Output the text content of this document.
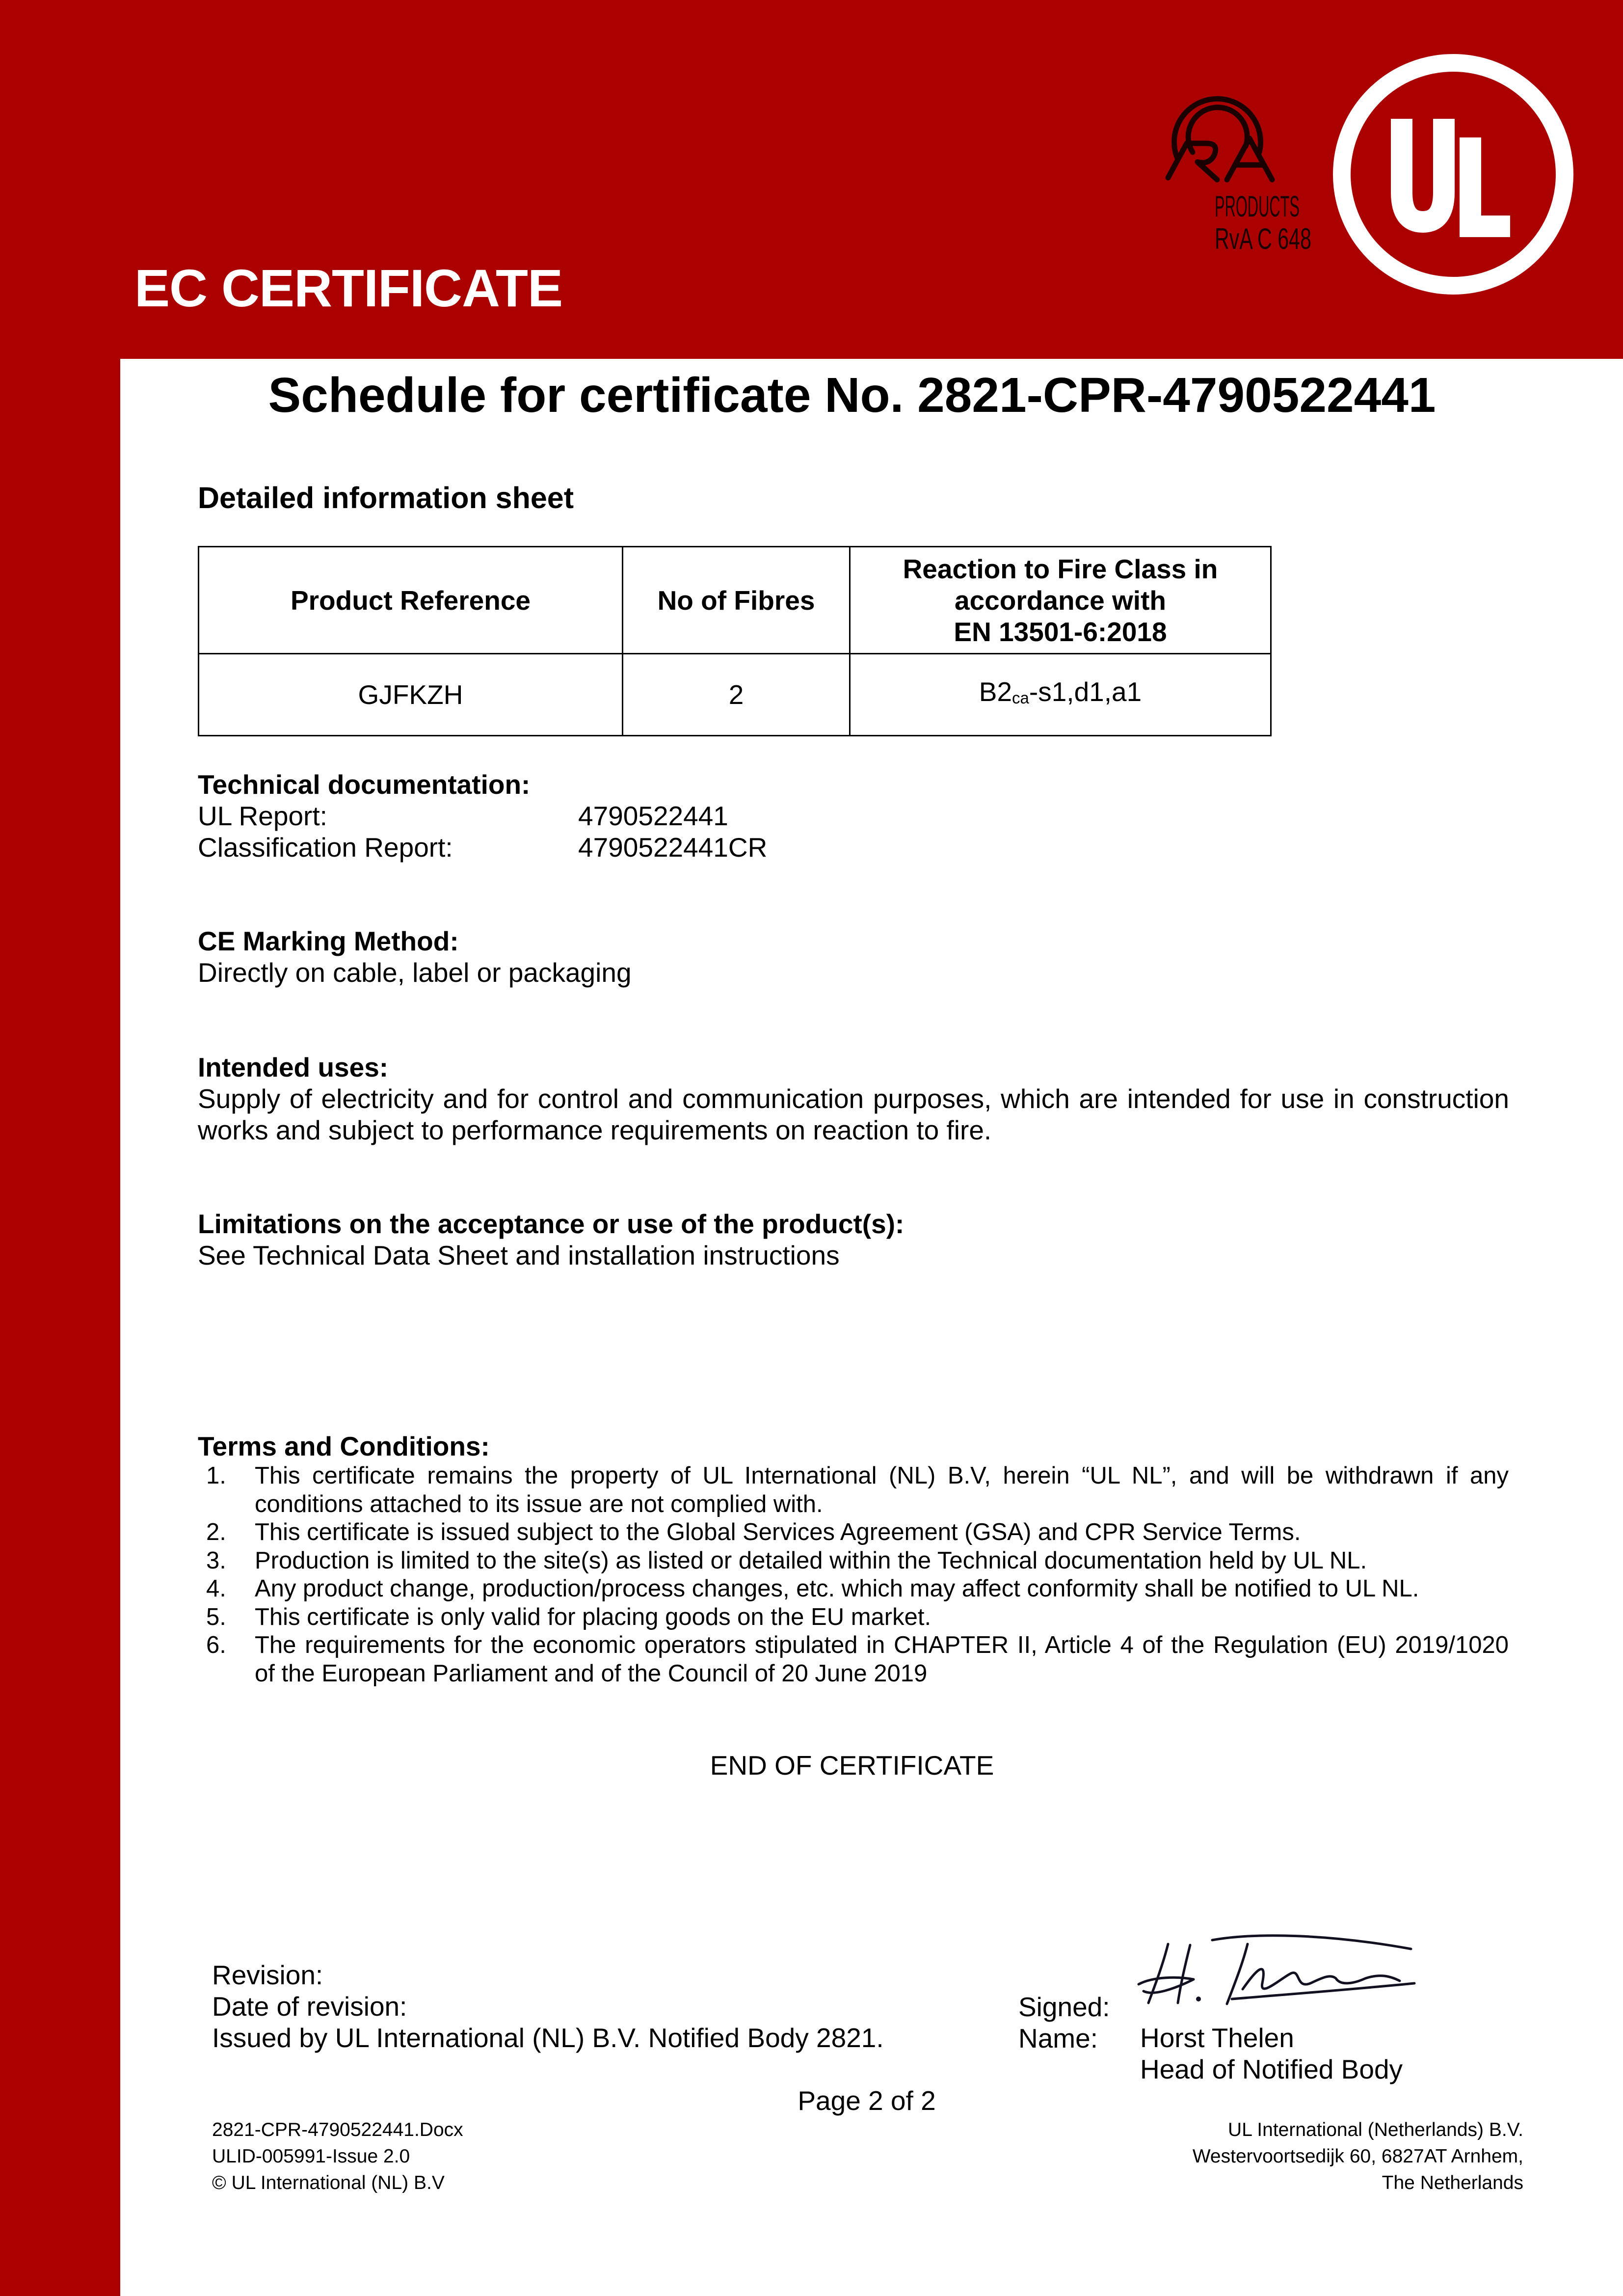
EC CERTIFICATE
PRODUCTS
RvA C 648
Schedule for certificate No. 2821-CPR-4790522441
Detailed information sheet
Product Reference	No of Fibres	Reaction to Fire Class in
accordance with
EN 13501-6:2018

GJFKZH	2	B2ca-s1,d1,a1
Technical documentation:
UL Report:	4790522441
Classification Report:	4790522441CR
CE Marking Method:
Directly on cable, label or packaging
Intended uses:
Supply of electricity and for control and communication purposes, which are intended for use in construction
works and subject to performance requirements on reaction to fire.
Limitations on the acceptance or use of the product(s):
See Technical Data Sheet and installation instructions
Terms and Conditions:
1. This certificate remains the property of UL International (NL) B.V, herein “UL NL”, and will be withdrawn if any
conditions attached to its issue are not complied with.
2. This certificate is issued subject to the Global Services Agreement (GSA) and CPR Service Terms.
3. Production is limited to the site(s) as listed or detailed within the Technical documentation held by UL NL.
4. Any product change, production/process changes, etc. which may affect conformity shall be notified to UL NL.
5. This certificate is only valid for placing goods on the EU market.
6. The requirements for the economic operators stipulated in CHAPTER II, Article 4 of the Regulation (EU) 2019/1020
of the European Parliament and of the Council of 20 June 2019
END OF CERTIFICATE
Revision:
Date of revision:
Issued by UL International (NL) B.V. Notified Body 2821.
Signed:
Name:	Horst Thelen
Head of Notified Body
Page 2 of 2
2821-CPR-4790522441.Docx
ULID-005991-Issue 2.0
© UL International (NL) B.V
UL International (Netherlands) B.V.
Westervoortsedijk 60, 6827AT Arnhem,
The Netherlands
